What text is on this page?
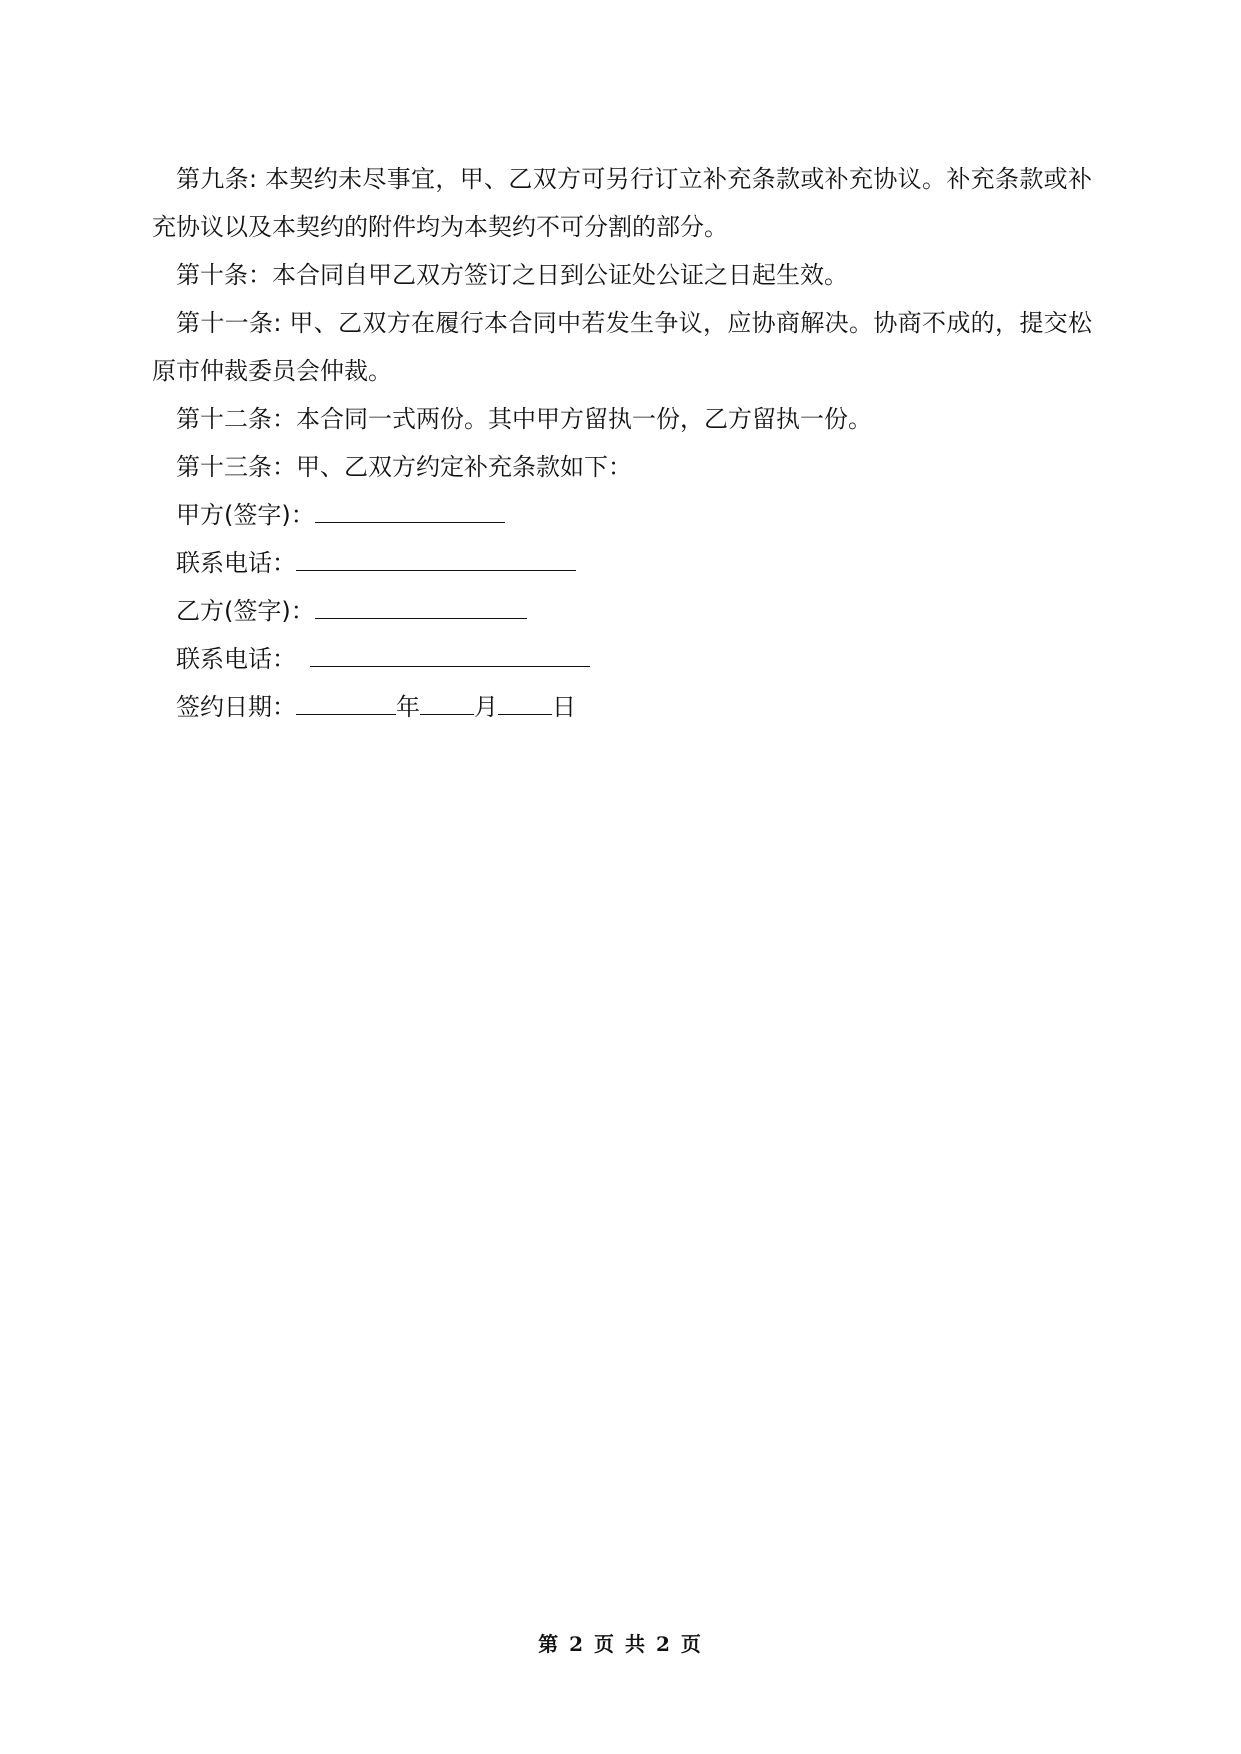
第九条: 本契约未尽事宜，甲、乙双方可另行订立补充条款或补充协议。补充条款或补充协议以及本契约的附件均为本契约不可分割的部分。

第十条：本合同自甲乙双方签订之日到公证处公证之日起生效。

第十一条: 甲、乙双方在履行本合同中若发生争议，应协商解决。协商不成的，提交松原市仲裁委员会仲裁。

第十二条：本合同一式两份。其中甲方留执一份，乙方留执一份。

第十三条：甲、乙双方约定补充条款如下：

甲方(签字)：

联系电话：

乙方(签字)：

联系电话：

签约日期：	年 月 日

第 2 页 共 2 页
